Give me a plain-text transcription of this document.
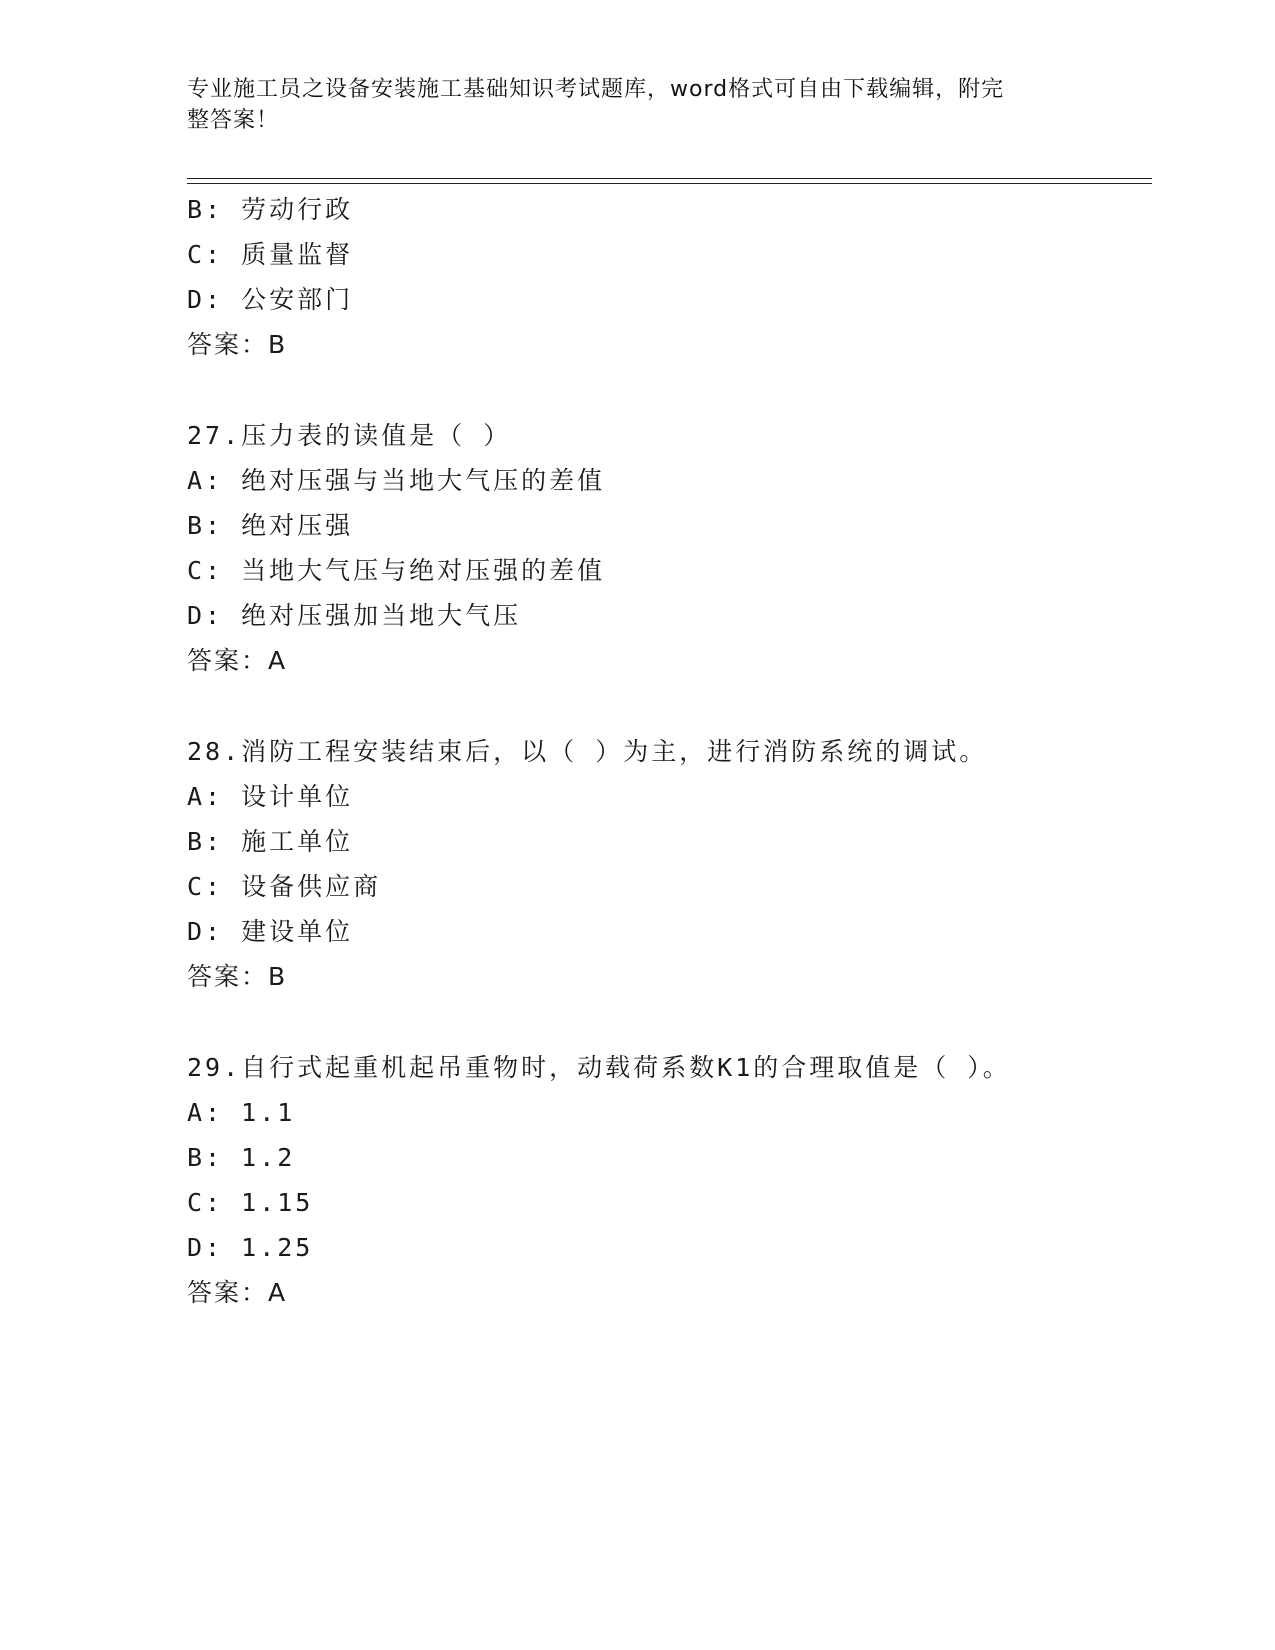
专业施工员之设备安装施工基础知识考试题库，word格式可自由下载编辑，附完
整答案！
B: 劳动行政
C: 质量监督
D: 公安部门
答案：B
27.压力表的读值是（ ）
A: 绝对压强与当地大气压的差值
B: 绝对压强
C: 当地大气压与绝对压强的差值
D: 绝对压强加当地大气压
答案：A
28.消防工程安装结束后，以（ ）为主，进行消防系统的调试。
A: 设计单位
B: 施工单位
C: 设备供应商
D: 建设单位
答案：B
29.自行式起重机起吊重物时，动载荷系数K1的合理取值是（ ）。
A: 1.1
B: 1.2
C: 1.15
D: 1.25
答案：A
